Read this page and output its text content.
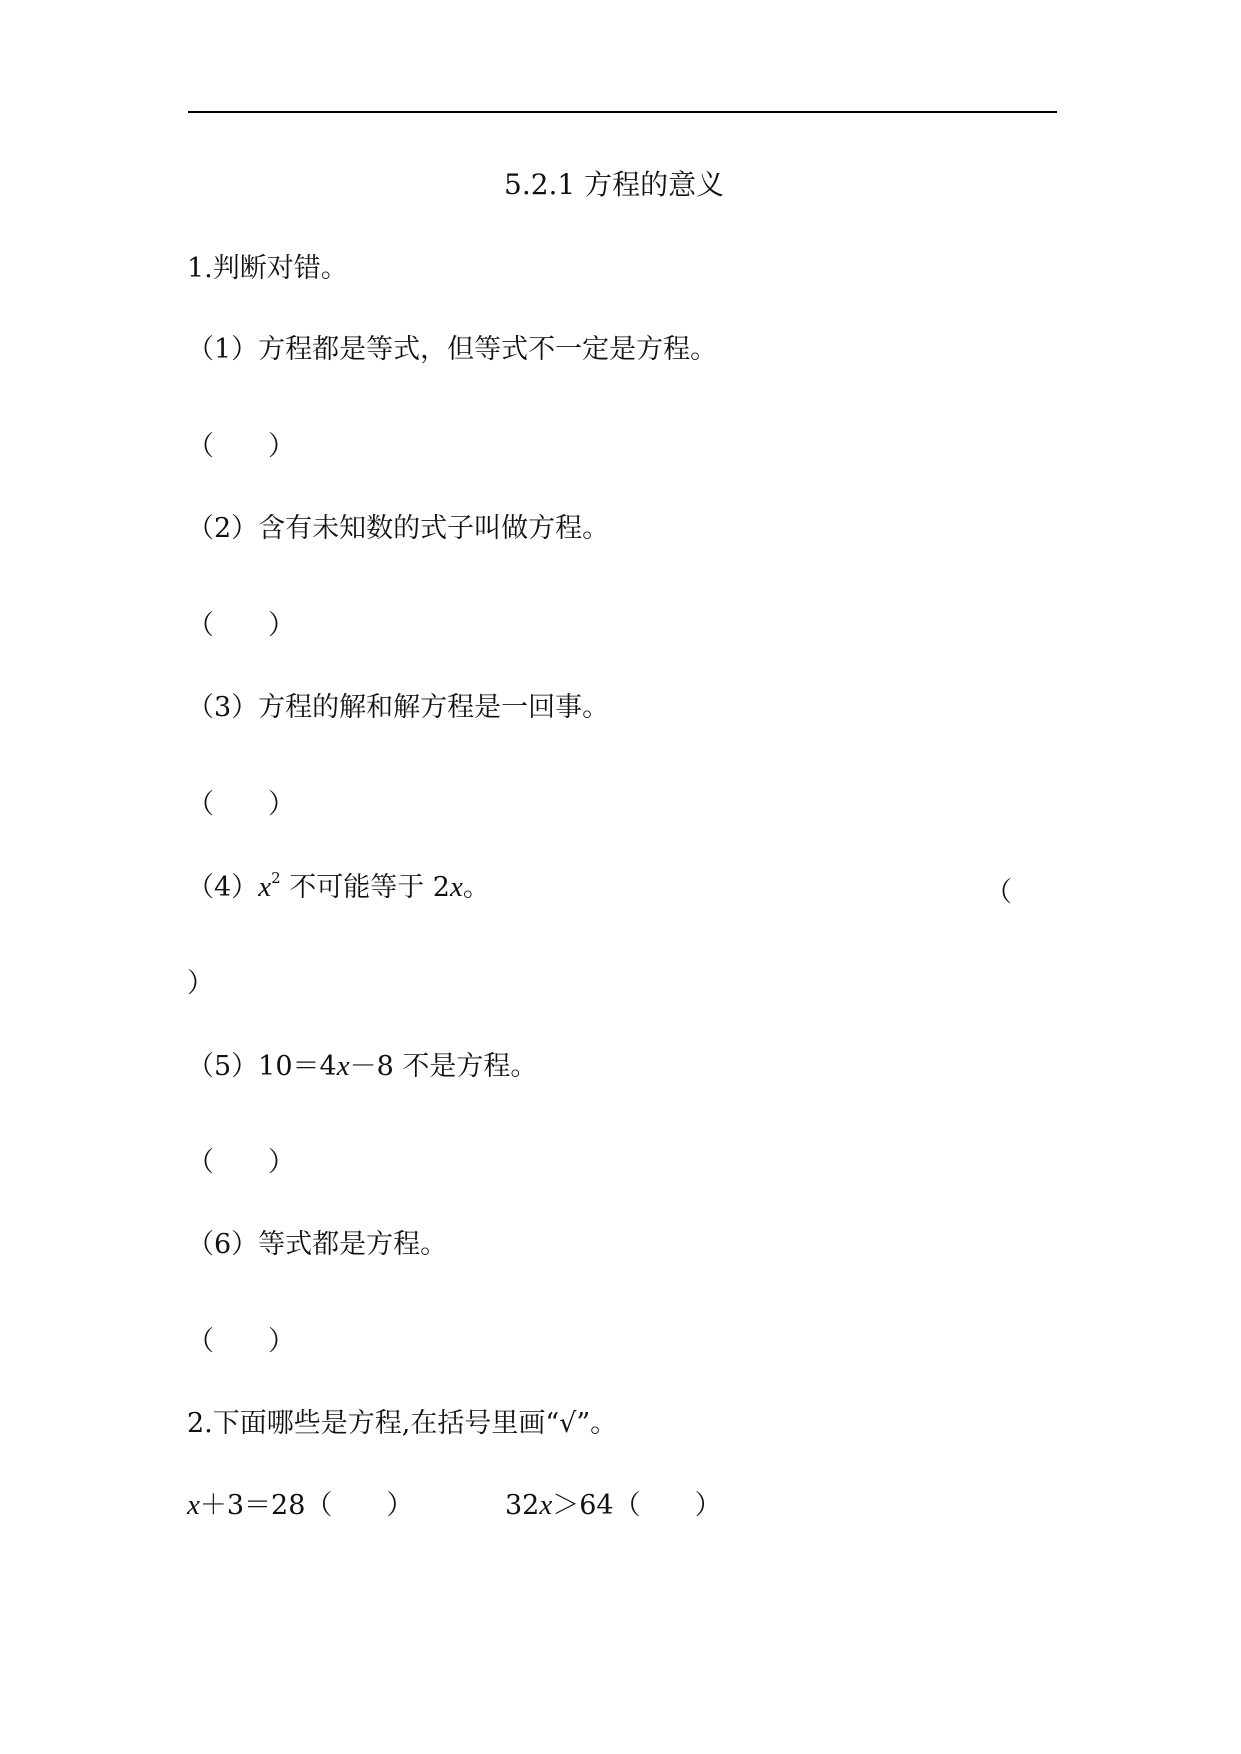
5.2.1 方程的意义
1.判断对错。
（1）方程都是等式，但等式不一定是方程。
（　　）
（2）含有未知数的式子叫做方程。
（　　）
（3）方程的解和解方程是一回事。
（　　）
$(4)x^2$ 不可能等于 2x。	（
）
（5）10＝4x－8 不是方程。
（　　）
（6）等式都是方程。
（　　）
2.下面哪些是方程,在括号里画“√”。
x＋3＝28（　　）	32x＞64（　　）
